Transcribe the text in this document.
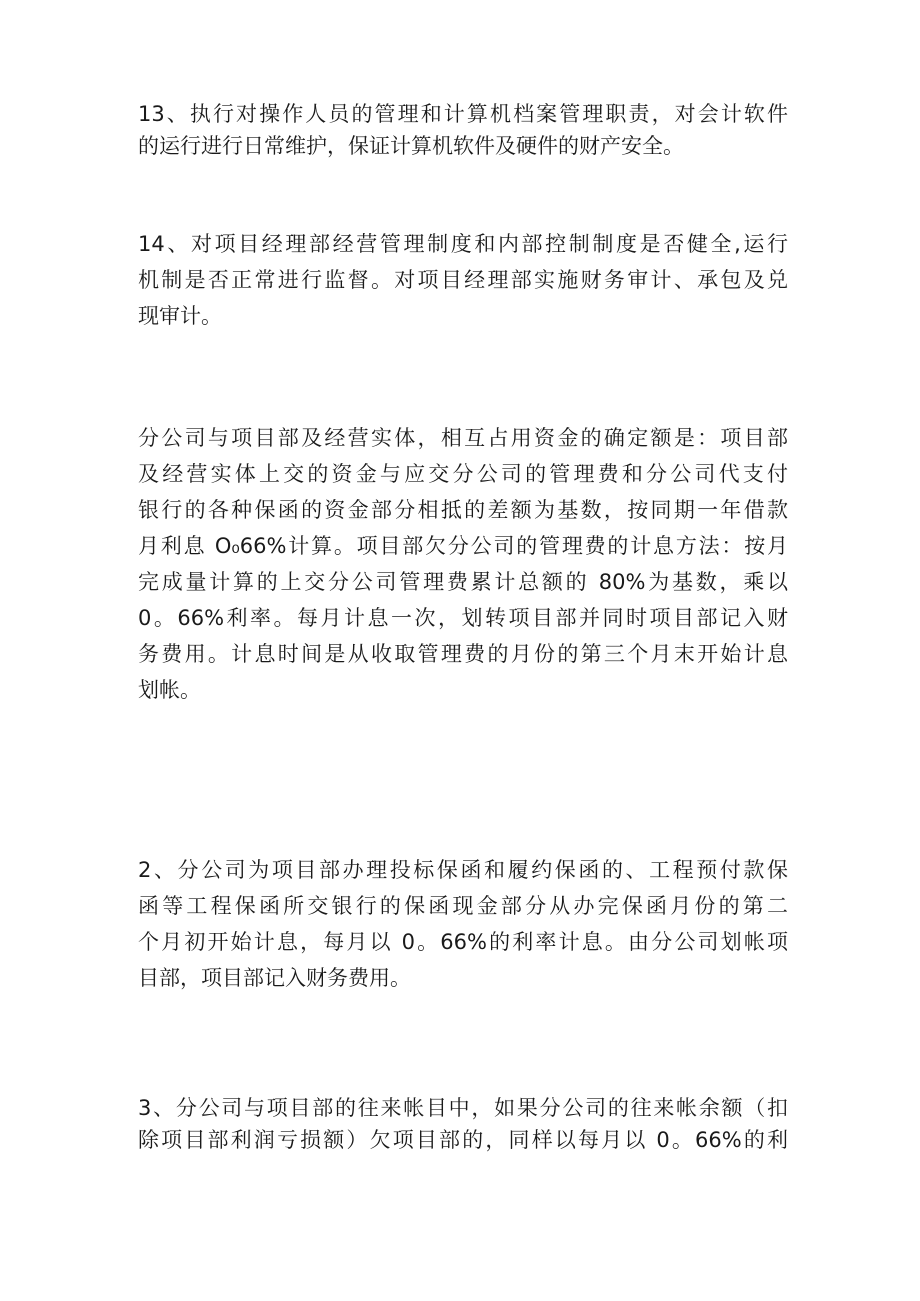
13、执行对操作人员的管理和计算机档案管理职责，对会计软件
的运行进行日常维护，保证计算机软件及硬件的财产安全。
14、对项目经理部经营管理制度和内部控制制度是否健全,运行
机制是否正常进行监督。对项目经理部实施财务审计、承包及兑
现审计。
分公司与项目部及经营实体，相互占用资金的确定额是：项目部
及经营实体上交的资金与应交分公司的管理费和分公司代支付
银行的各种保函的资金部分相抵的差额为基数，按同期一年借款
月利息 O₀66%计算。项目部欠分公司的管理费的计息方法：按月
完成量计算的上交分公司管理费累计总额的 80%为基数，乘以
0。66%利率。每月计息一次，划转项目部并同时项目部记入财
务费用。计息时间是从收取管理费的月份的第三个月末开始计息
划帐。
2、分公司为项目部办理投标保函和履约保函的、工程预付款保
函等工程保函所交银行的保函现金部分从办完保函月份的第二
个月初开始计息，每月以 0。66%的利率计息。由分公司划帐项
目部，项目部记入财务费用。
3、分公司与项目部的往来帐目中，如果分公司的往来帐余额（扣
除项目部利润亏损额）欠项目部的，同样以每月以 0。66%的利
